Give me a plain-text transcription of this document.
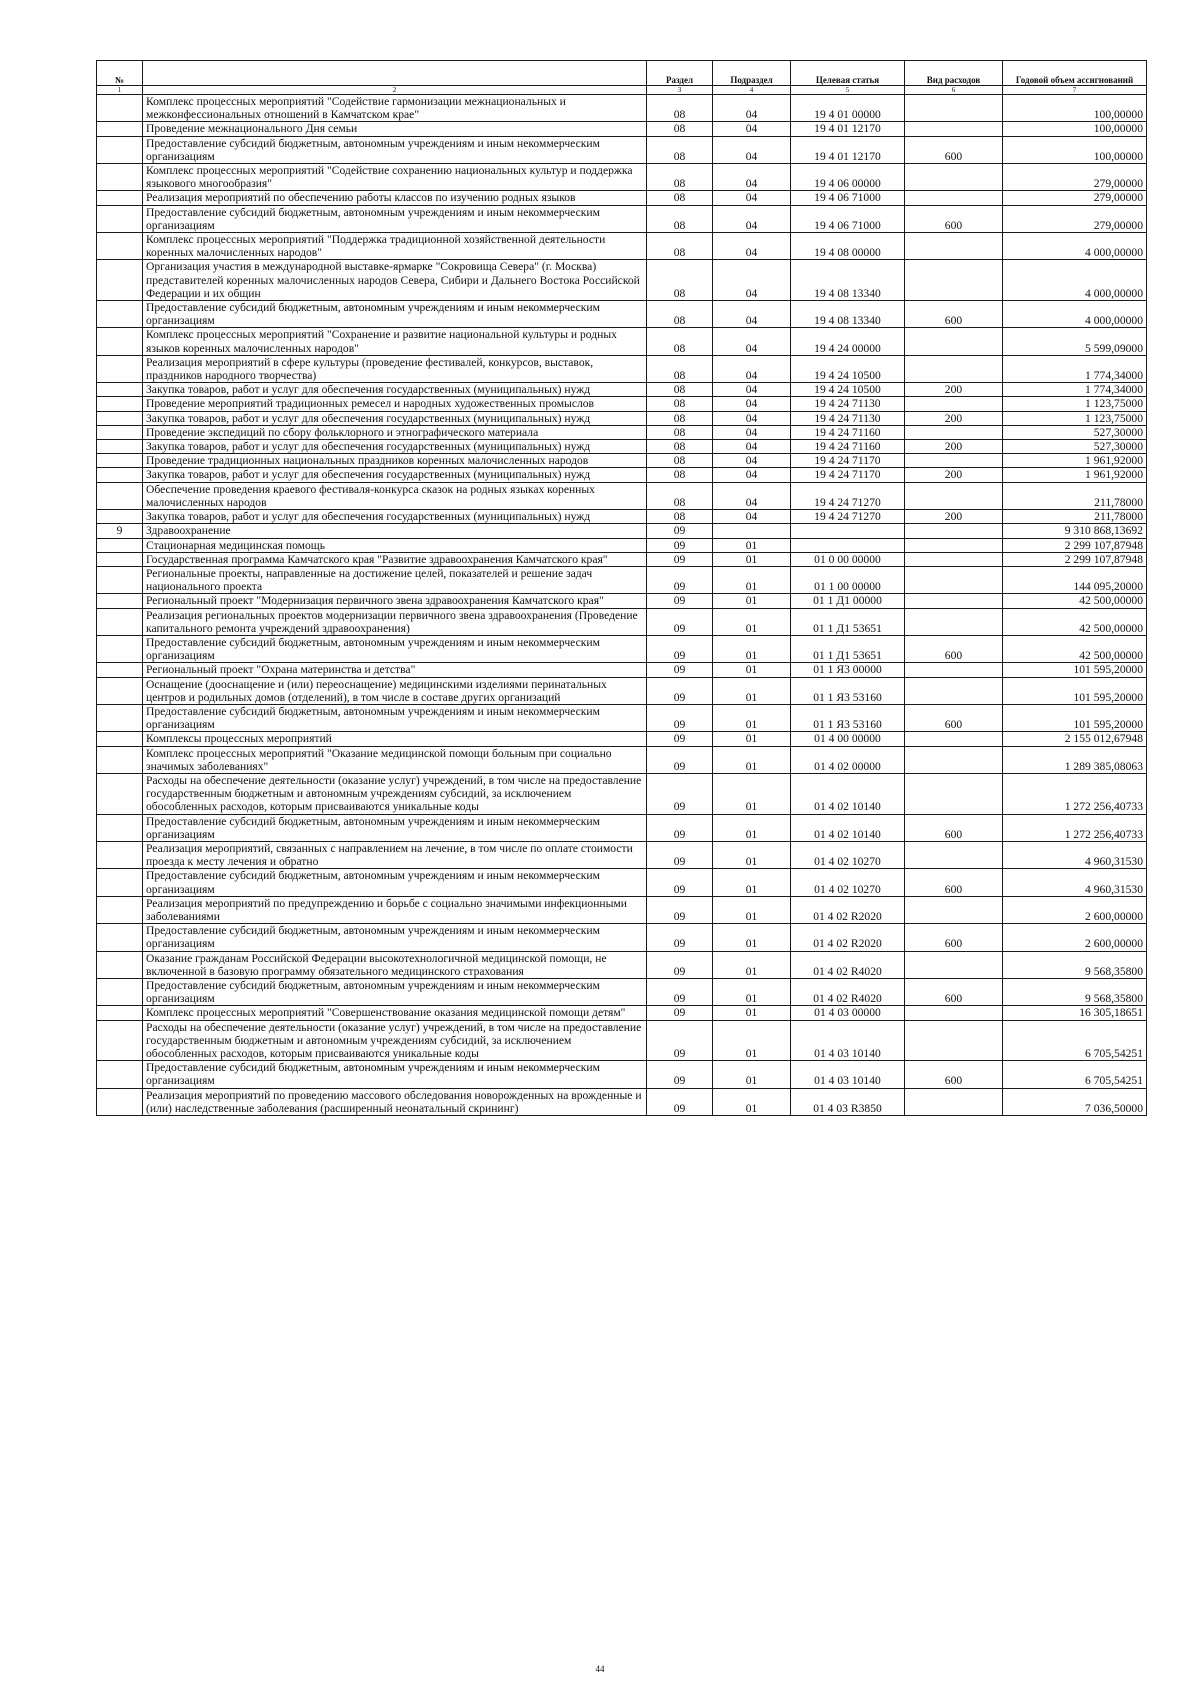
№		Раздел	Подраздел	Целевая статья	Вид расходов	Годовой объем ассигнований
1	2	3	4	5	6	7
	Комплекс процессных мероприятий "Содействие гармонизации межнациональных и межконфессиональных отношений в Камчатском крае"	08	04	19 4 01 00000		100,00000
	Проведение межнационального Дня семьи	08	04	19 4 01 12170		100,00000
	Предоставление субсидий бюджетным, автономным учреждениям и иным некоммерческим организациям	08	04	19 4 01 12170	600	100,00000
	Комплекс процессных мероприятий "Содействие сохранению национальных культур и поддержка языкового многообразия"	08	04	19 4 06 00000		279,00000
	Реализация мероприятий по обеспечению работы классов по изучению родных языков	08	04	19 4 06 71000		279,00000
	Предоставление субсидий бюджетным, автономным учреждениям и иным некоммерческим организациям	08	04	19 4 06 71000	600	279,00000
	Комплекс процессных мероприятий "Поддержка традиционной хозяйственной деятельности коренных малочисленных народов"	08	04	19 4 08 00000		4 000,00000
	Организация участия в международной выставке-ярмарке "Сокровища Севера" (г. Москва) представителей коренных малочисленных народов Севера, Сибири и Дальнего Востока Российской Федерации и их общин	08	04	19 4 08 13340		4 000,00000
	Предоставление субсидий бюджетным, автономным учреждениям и иным некоммерческим организациям	08	04	19 4 08 13340	600	4 000,00000
	Комплекс процессных мероприятий "Сохранение и развитие национальной культуры и родных языков коренных малочисленных народов"	08	04	19 4 24 00000		5 599,09000
	Реализация мероприятий в сфере культуры (проведение фестивалей, конкурсов, выставок, праздников народного творчества)	08	04	19 4 24 10500		1 774,34000
	Закупка товаров, работ и услуг для обеспечения государственных (муниципальных) нужд	08	04	19 4 24 10500	200	1 774,34000
	Проведение мероприятий традиционных ремесел и народных художественных промыслов	08	04	19 4 24 71130		1 123,75000
	Закупка товаров, работ и услуг для обеспечения государственных (муниципальных) нужд	08	04	19 4 24 71130	200	1 123,75000
	Проведение экспедиций по сбору фольклорного и этнографического материала	08	04	19 4 24 71160		527,30000
	Закупка товаров, работ и услуг для обеспечения государственных (муниципальных) нужд	08	04	19 4 24 71160	200	527,30000
	Проведение традиционных национальных праздников коренных малочисленных народов	08	04	19 4 24 71170		1 961,92000
	Закупка товаров, работ и услуг для обеспечения государственных (муниципальных) нужд	08	04	19 4 24 71170	200	1 961,92000
	Обеспечение проведения краевого фестиваля-конкурса сказок на родных языках коренных малочисленных народов	08	04	19 4 24 71270		211,78000
	Закупка товаров, работ и услуг для обеспечения государственных (муниципальных) нужд	08	04	19 4 24 71270	200	211,78000
9	Здравоохранение	09				9 310 868,13692
	Стационарная медицинская помощь	09	01			2 299 107,87948
	Государственная программа Камчатского края "Развитие здравоохранения Камчатского края"	09	01	01 0 00 00000		2 299 107,87948
	Региональные проекты, направленные на достижение целей, показателей и решение задач национального проекта	09	01	01 1 00 00000		144 095,20000
	Региональный проект "Модернизация первичного звена здравоохранения Камчатского края"	09	01	01 1 Д1 00000		42 500,00000
	Реализация региональных проектов модернизации первичного звена здравоохранения (Проведение капитального ремонта учреждений здравоохранения)	09	01	01 1 Д1 53651		42 500,00000
	Предоставление субсидий бюджетным, автономным учреждениям и иным некоммерческим организациям	09	01	01 1 Д1 53651	600	42 500,00000
	Региональный проект "Охрана материнства и детства"	09	01	01 1 Я3 00000		101 595,20000
	Оснащение (дооснащение и (или) переоснащение) медицинскими изделиями перинатальных центров и родильных домов (отделений), в том числе в составе других организаций	09	01	01 1 Я3 53160		101 595,20000
	Предоставление субсидий бюджетным, автономным учреждениям и иным некоммерческим организациям	09	01	01 1 Я3 53160	600	101 595,20000
	Комплексы процессных мероприятий	09	01	01 4 00 00000		2 155 012,67948
	Комплекс процессных мероприятий "Оказание медицинской помощи больным при социально значимых заболеваниях"	09	01	01 4 02 00000		1 289 385,08063
	Расходы на обеспечение деятельности (оказание услуг) учреждений, в том числе на предоставление государственным бюджетным и автономным учреждениям субсидий, за исключением обособленных расходов, которым присваиваются уникальные коды	09	01	01 4 02 10140		1 272 256,40733
	Предоставление субсидий бюджетным, автономным учреждениям и иным некоммерческим организациям	09	01	01 4 02 10140	600	1 272 256,40733
	Реализация мероприятий, связанных с направлением на лечение, в том числе по оплате стоимости проезда к месту лечения и обратно	09	01	01 4 02 10270		4 960,31530
	Предоставление субсидий бюджетным, автономным учреждениям и иным некоммерческим организациям	09	01	01 4 02 10270	600	4 960,31530
	Реализация мероприятий по предупреждению и борьбе с социально значимыми инфекционными заболеваниями	09	01	01 4 02 R2020		2 600,00000
	Предоставление субсидий бюджетным, автономным учреждениям и иным некоммерческим организациям	09	01	01 4 02 R2020	600	2 600,00000
	Оказание гражданам Российской Федерации высокотехнологичной медицинской помощи, не включенной в базовую программу обязательного медицинского страхования	09	01	01 4 02 R4020		9 568,35800
	Предоставление субсидий бюджетным, автономным учреждениям и иным некоммерческим организациям	09	01	01 4 02 R4020	600	9 568,35800
	Комплекс процессных мероприятий "Совершенствование оказания медицинской помощи детям"	09	01	01 4 03 00000		16 305,18651
	Расходы на обеспечение деятельности (оказание услуг) учреждений, в том числе на предоставление государственным бюджетным и автономным учреждениям субсидий, за исключением обособленных расходов, которым присваиваются уникальные коды	09	01	01 4 03 10140		6 705,54251
	Предоставление субсидий бюджетным, автономным учреждениям и иным некоммерческим организациям	09	01	01 4 03 10140	600	6 705,54251
	Реализация мероприятий по проведению массового обследования новорожденных на врожденные и (или) наследственные заболевания (расширенный неонатальный скрининг)	09	01	01 4 03 R3850		7 036,50000
44
